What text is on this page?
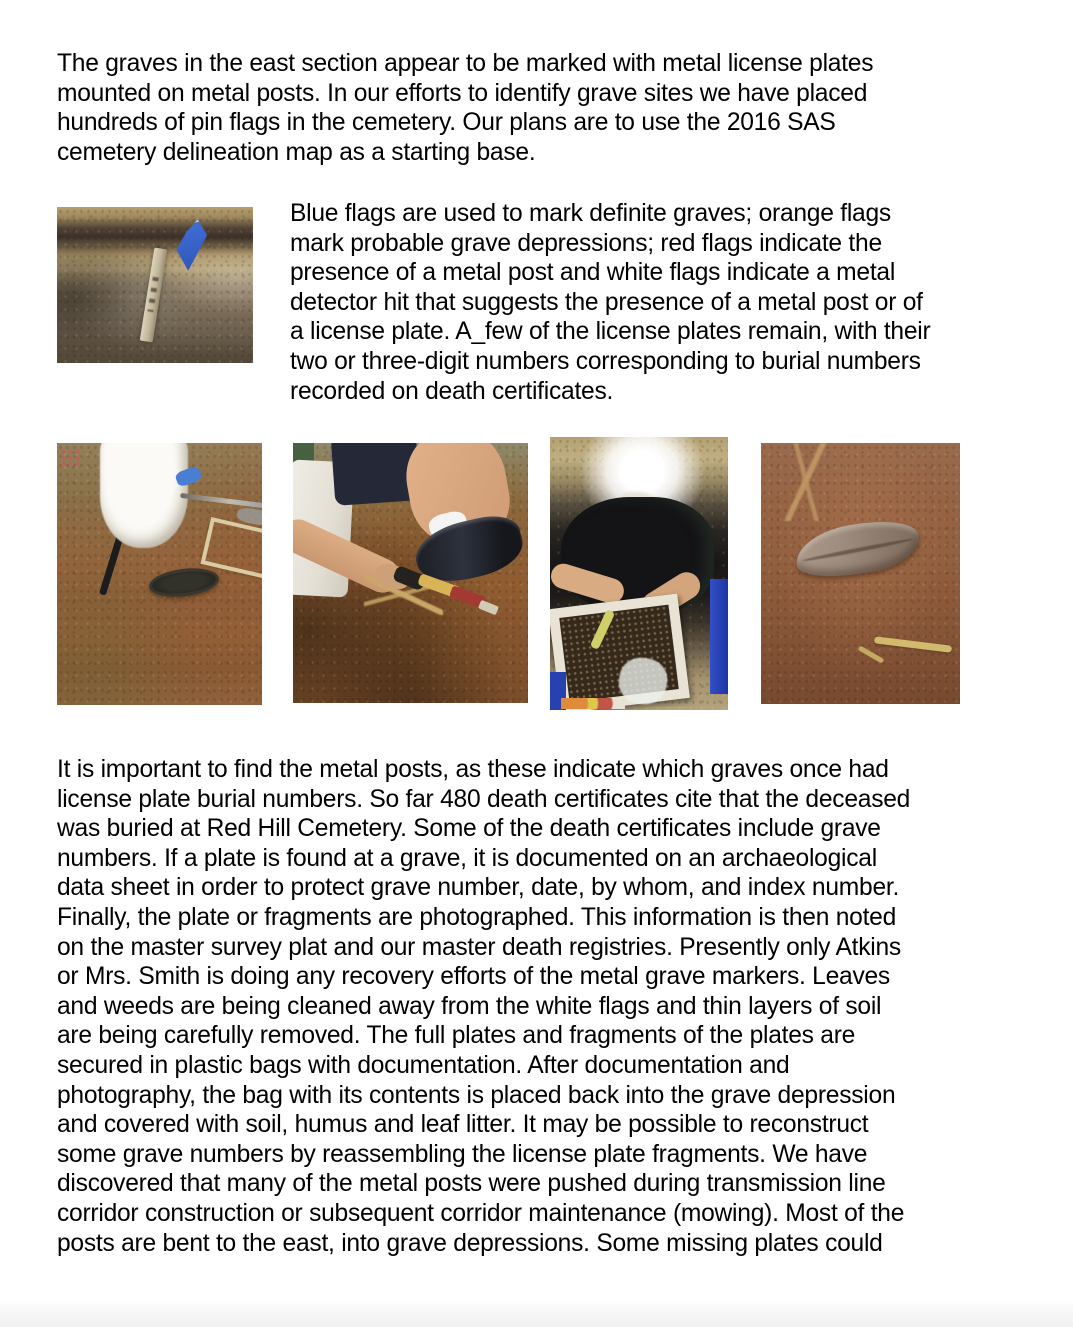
The graves in the east section appear to be marked with metal license plates
mounted on metal posts. In our efforts to identify grave sites we have placed
hundreds of pin flags in the cemetery. Our plans are to use the 2016 SAS
cemetery delineation map as a starting base.
Blue flags are used to mark definite graves; orange flags
mark probable grave depressions; red flags indicate the
presence of a metal post and white flags indicate a metal
detector hit that suggests the presence of a metal post or of
a license plate. A_few of the license plates remain, with their
two or three-digit numbers corresponding to burial numbers
recorded on death certificates.
It is important to find the metal posts, as these indicate which graves once had
license plate burial numbers. So far 480 death certificates cite that the deceased
was buried at Red Hill Cemetery. Some of the death certificates include grave
numbers. If a plate is found at a grave, it is documented on an archaeological
data sheet in order to protect grave number, date, by whom, and index number.
Finally, the plate or fragments are photographed. This information is then noted
on the master survey plat and our master death registries. Presently only Atkins
or Mrs. Smith is doing any recovery efforts of the metal grave markers. Leaves
and weeds are being cleaned away from the white flags and thin layers of soil
are being carefully removed. The full plates and fragments of the plates are
secured in plastic bags with documentation. After documentation and
photography, the bag with its contents is placed back into the grave depression
and covered with soil, humus and leaf litter. It may be possible to reconstruct
some grave numbers by reassembling the license plate fragments. We have
discovered that many of the metal posts were pushed during transmission line
corridor construction or subsequent corridor maintenance (mowing). Most of the
posts are bent to the east, into grave depressions. Some missing plates could
